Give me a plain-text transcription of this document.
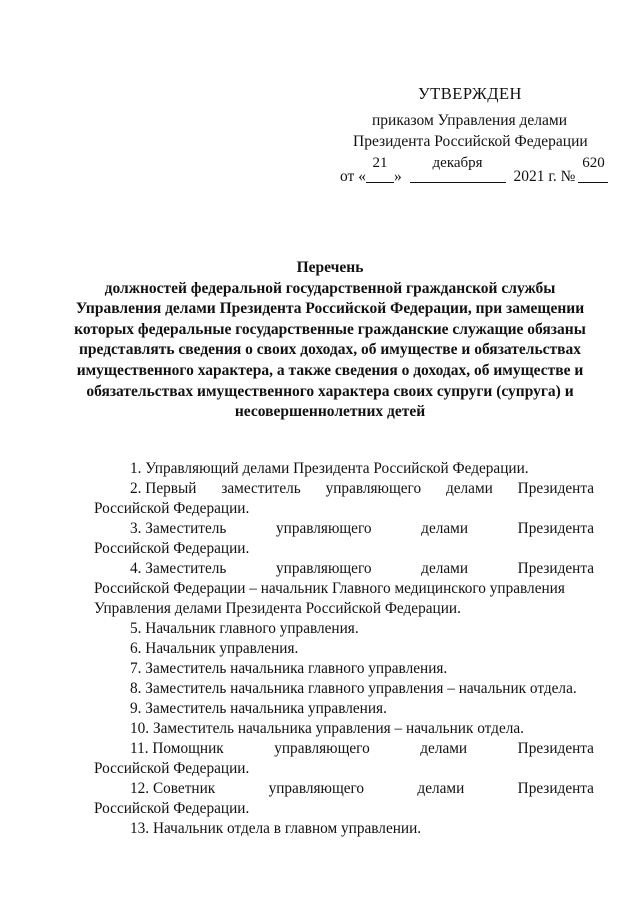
УТВЕРЖДЕН
приказом Управления делами
Президента Российской Федерации
от «
21
»
декабря
2021 г. №
620
Перечень
должностей федеральной государственной гражданской службы
Управления делами Президента Российской Федерации, при замещении
которых федеральные государственные гражданские служащие обязаны
представлять сведения о своих доходах, об имуществе и обязательствах
имущественного характера, а также сведения о доходах, об имуществе и
обязательствах имущественного характера своих супруги (супруга) и
несовершеннолетних детей
1. Управляющий делами Президента Российской Федерации.
2. Первый заместитель управляющего делами Президента
Российской Федерации.
3. Заместитель	управляющего	делами	Президента
Российской Федерации.
4. Заместитель	управляющего	делами	Президента
Российской Федерации – начальник Главного медицинского управления
Управления делами Президента Российской Федерации.
5. Начальник главного управления.
6. Начальник управления.
7. Заместитель начальника главного управления.
8. Заместитель начальника главного управления – начальник отдела.
9. Заместитель начальника управления.
10. Заместитель начальника управления – начальник отдела.
11. Помощник	управляющего	делами	Президента
Российской Федерации.
12. Советник	управляющего	делами	Президента
Российской Федерации.
13. Начальник отдела в главном управлении.
